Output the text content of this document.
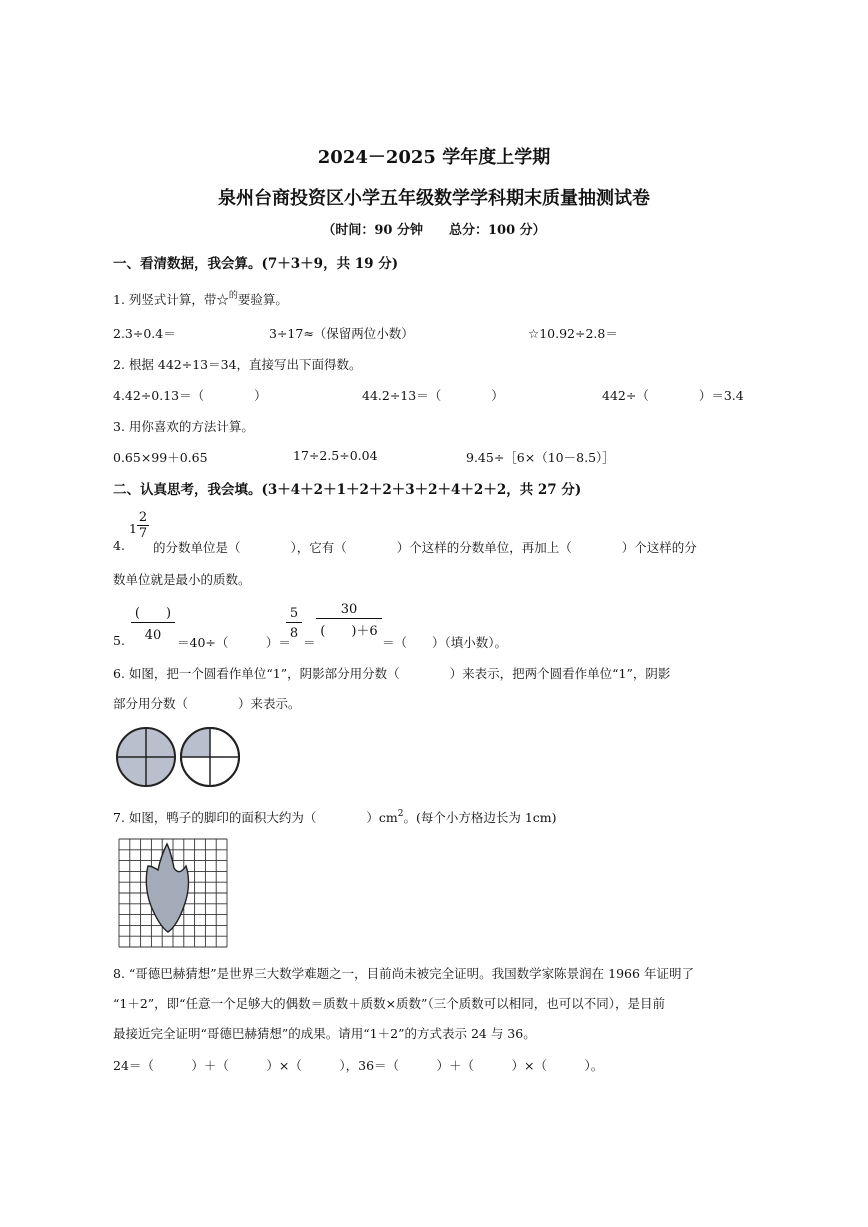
2024－2025 学年度上学期
泉州台商投资区小学五年级数学学科期末质量抽测试卷
（时间：90 分钟　　总分：100 分）
一、看清数据，我会算。(7＋3＋9，共 19 分)
1. 列竖式计算，带☆$^的$要验算。
2.3÷0.4＝	3÷17≈（保留两位小数）	☆10.92÷2.8＝
2. 根据 442÷13＝34，直接写出下面得数。
4.42÷0.13＝（　　　　）	44.2÷13＝（　　　　）	442÷（　　　　）＝3.4
3. 用你喜欢的方法计算。
0.65×99＋0.65	17÷2.5÷0.04	9.45÷［6×（10－8.5）］
二、认真思考，我会填。(3＋4＋2＋1＋2＋2＋3＋2＋4＋2＋2，共 27 分)
4.
$1 \frac{2}{7}$
的分数单位是（　　　　），它有（　　　　）个这样的分数单位，再加上（　　　　）个这样的分
数单位就是最小的质数。
5.
(　　)
40	＝40÷（　　　）＝
$\frac{5}{8}$ ＝
$\frac{30}{( )+6}$
＝（　　）（填小数）。
6. 如图，把一个圆看作单位“1”，阴影部分用分数（　　　　）来表示，把两个圆看作单位“1”，阴影
部分用分数（　　　　）来表示。
7. 如图，鸭子的脚印的面积大约为（　　　　）$cm^2$。(每个小方格边长为 1cm)
8. “哥德巴赫猜想”是世界三大数学难题之一，目前尚未被完全证明。我国数学家陈景润在 1966 年证明了
“1＋2”，即“任意一个足够大的偶数＝质数＋质数×质数”（三个质数可以相同，也可以不同），是目前
最接近完全证明“哥德巴赫猜想”的成果。请用“1＋2”的方式表示 24 与 36。
24＝（　　　）＋（　　　）×（　　　），36＝（　　　）＋（　　　）×（　　　）。
